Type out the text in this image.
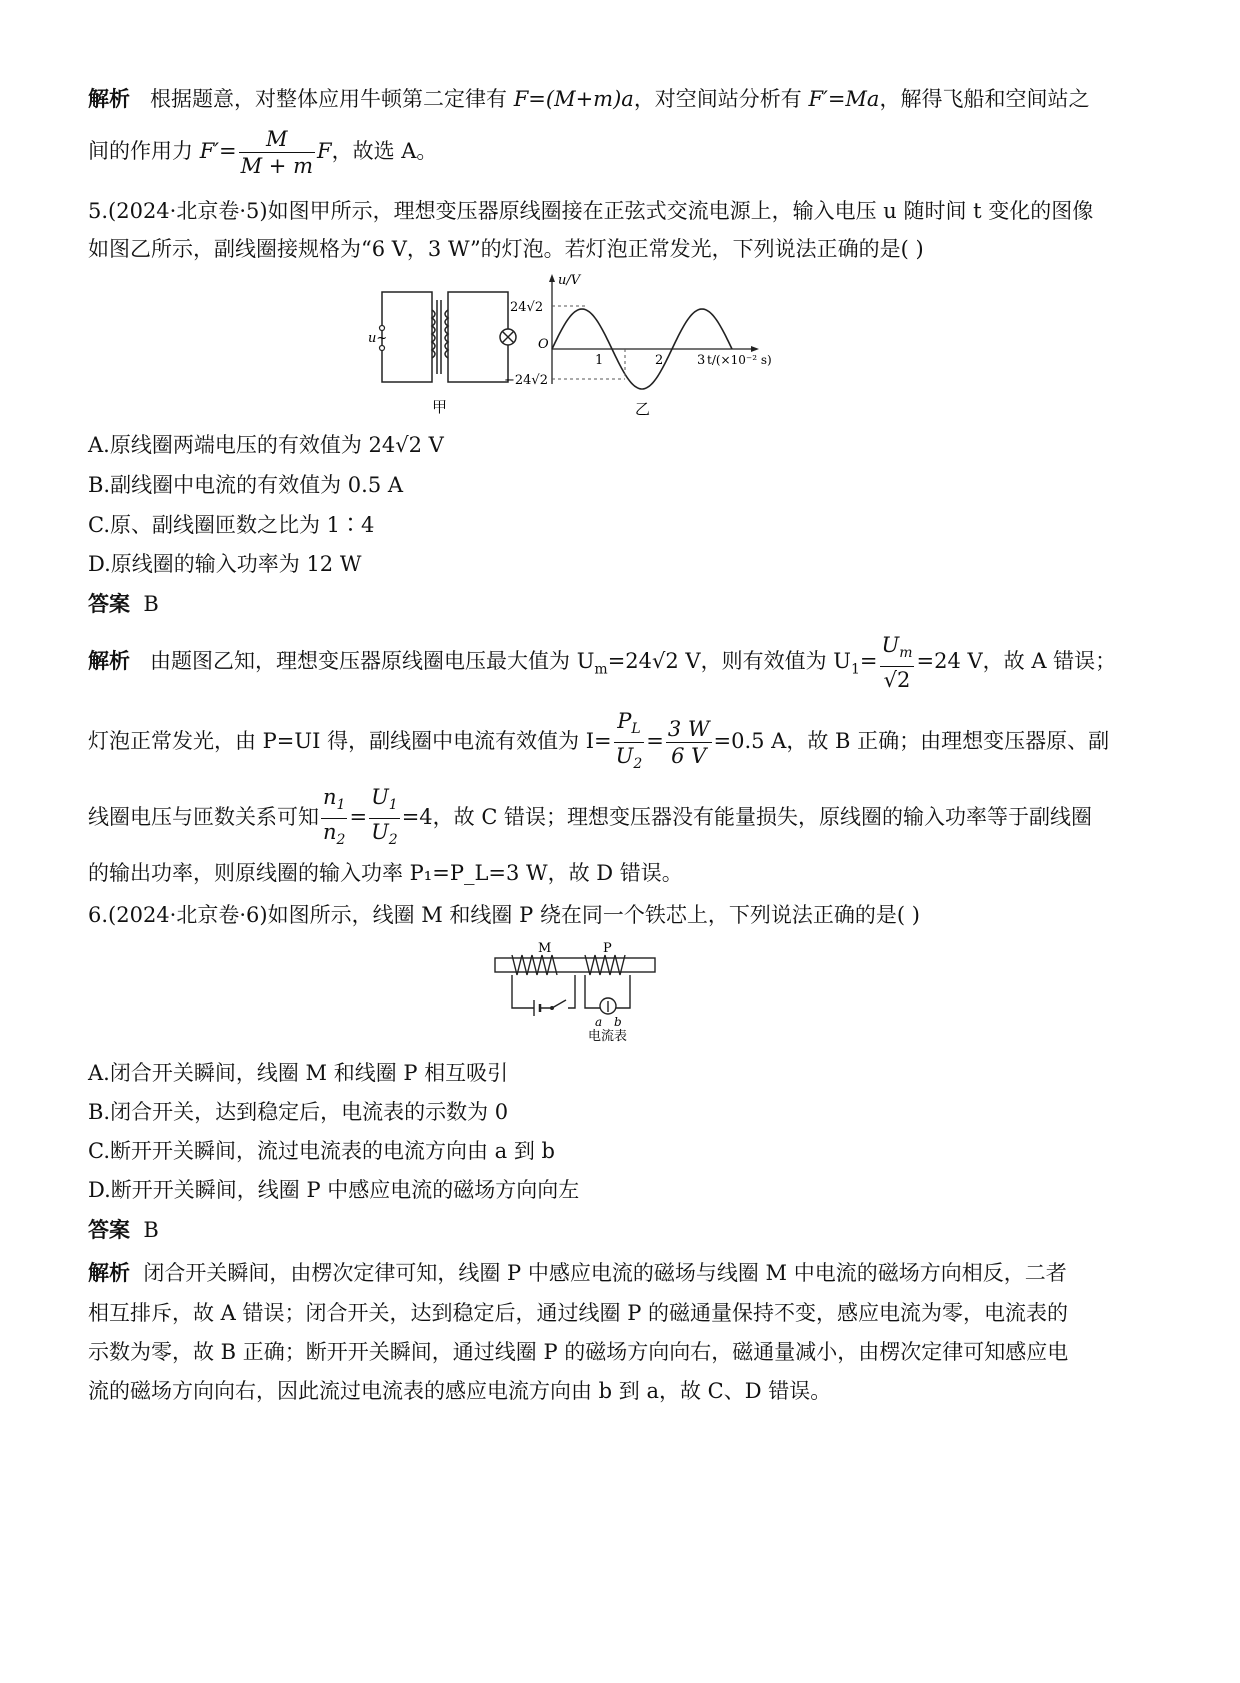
解析 根据题意，对整体应用牛顿第二定律有 F=(M+m)a，对空间站分析有 F′=Ma，解得飞船和空间站之
间的作用力 $F'= \frac{M}{M + m}$ F，故选 A。
5.(2024·北京卷·5)如图甲所示，理想变压器原线圈接在正弦式交流电源上，输入电压 u 随时间 t 变化的图像
如图乙所示，副线圈接规格为“6 V，3 W”的灯泡。若灯泡正常发光，下列说法正确的是( )
u~
甲
u/V
24√2
−24√2
O
1	2	3 t/(×10⁻² s)
乙
A.原线圈两端电压的有效值为 24√2 V
B.副线圈中电流的有效值为 0.5 A
C.原、副线圈匝数之比为 1∶4
D.原线圈的输入功率为 12 W
答案 B
解析 由题图乙知，理想变压器原线圈电压最大值为 $U_m=24√2$ V，则有效值为 $U_1= \frac{U_m}{√2} =24$ V，故 A 错误；
灯泡正常发光，由 P=UI 得，副线圈中电流有效值为 $I= \frac{P_L}{U_2} = \frac{3 W}{6 V} =0.5$ A，故 B 正确；由理想变压器原、副
线圈电压与匝数关系可知 $\frac{n_1}{n_2} = \frac{U_1}{U_2} =4$，故 C 错误；理想变压器没有能量损失，原线圈的输入功率等于副线圈
的输出功率，则原线圈的输入功率 P₁=P_L=3 W，故 D 错误。
6.(2024·北京卷·6)如图所示，线圈 M 和线圈 P 绕在同一个铁芯上，下列说法正确的是( )
M	P
a b
电流表
A.闭合开关瞬间，线圈 M 和线圈 P 相互吸引
B.闭合开关，达到稳定后，电流表的示数为 0
C.断开开关瞬间，流过电流表的电流方向由 a 到 b
D.断开开关瞬间，线圈 P 中感应电流的磁场方向向左
答案 B
解析 闭合开关瞬间，由楞次定律可知，线圈 P 中感应电流的磁场与线圈 M 中电流的磁场方向相反，二者
相互排斥，故 A 错误；闭合开关，达到稳定后，通过线圈 P 的磁通量保持不变，感应电流为零，电流表的
示数为零，故 B 正确；断开开关瞬间，通过线圈 P 的磁场方向向右，磁通量减小，由楞次定律可知感应电
流的磁场方向向右，因此流过电流表的感应电流方向由 b 到 a，故 C、D 错误。
